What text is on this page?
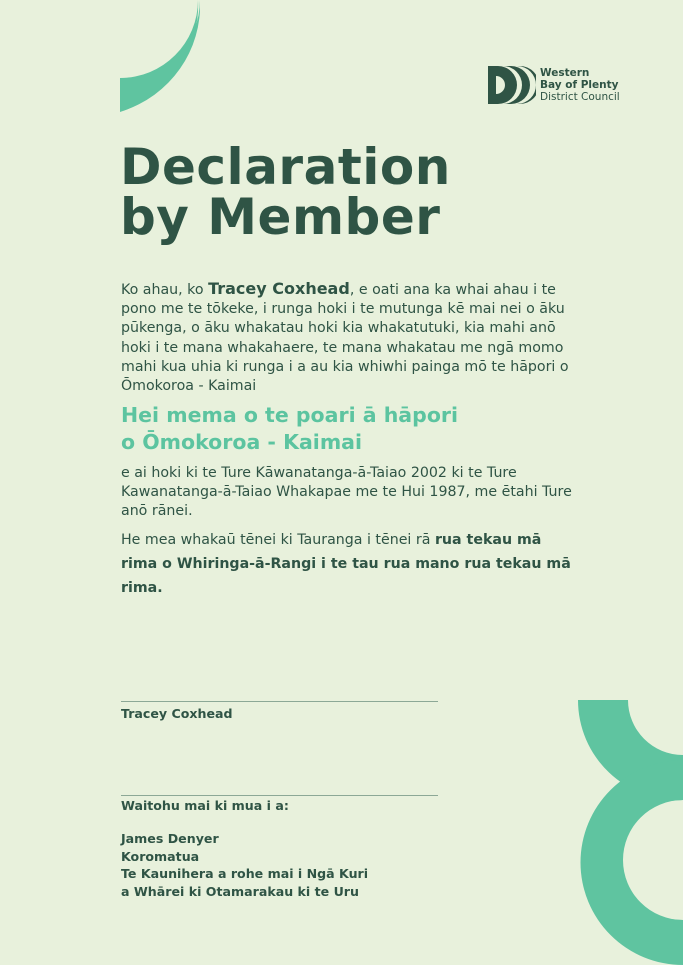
Western
Bay of Plenty
District Council
Declaration
by Member

Ko ahau, ko Tracey Coxhead, e oati ana ka whai ahau i te pono me te tōkeke, i runga hoki i te mutunga kē mai nei o āku pūkenga, o āku whakatau hoki kia whakatutuki, kia mahi anō hoki i te mana whakahaere, te mana whakatau me ngā momo mahi kua uhia ki runga i a au kia whiwhi painga mō te hāpori o Ōmokoroa - Kaimai

Hei mema o te poari ā hāpori
o Ōmokoroa - Kaimai

e ai hoki ki te Ture Kāwanatanga-ā-Taiao 2002 ki te Ture Kawanatanga-ā-Taiao Whakapae me te Hui 1987, me ētahi Ture anō rānei.

He mea whakaū tēnei ki Tauranga i tēnei rā rua tekau mā rima o Whiringa-ā-Rangi i te tau rua mano rua tekau mā rima.

Tracey Coxhead

Waitohu mai ki mua i a:

James Denyer
Koromatua
Te Kaunihera a rohe mai i Ngā Kuri
a Whārei ki Otamarakau ki te Uru
